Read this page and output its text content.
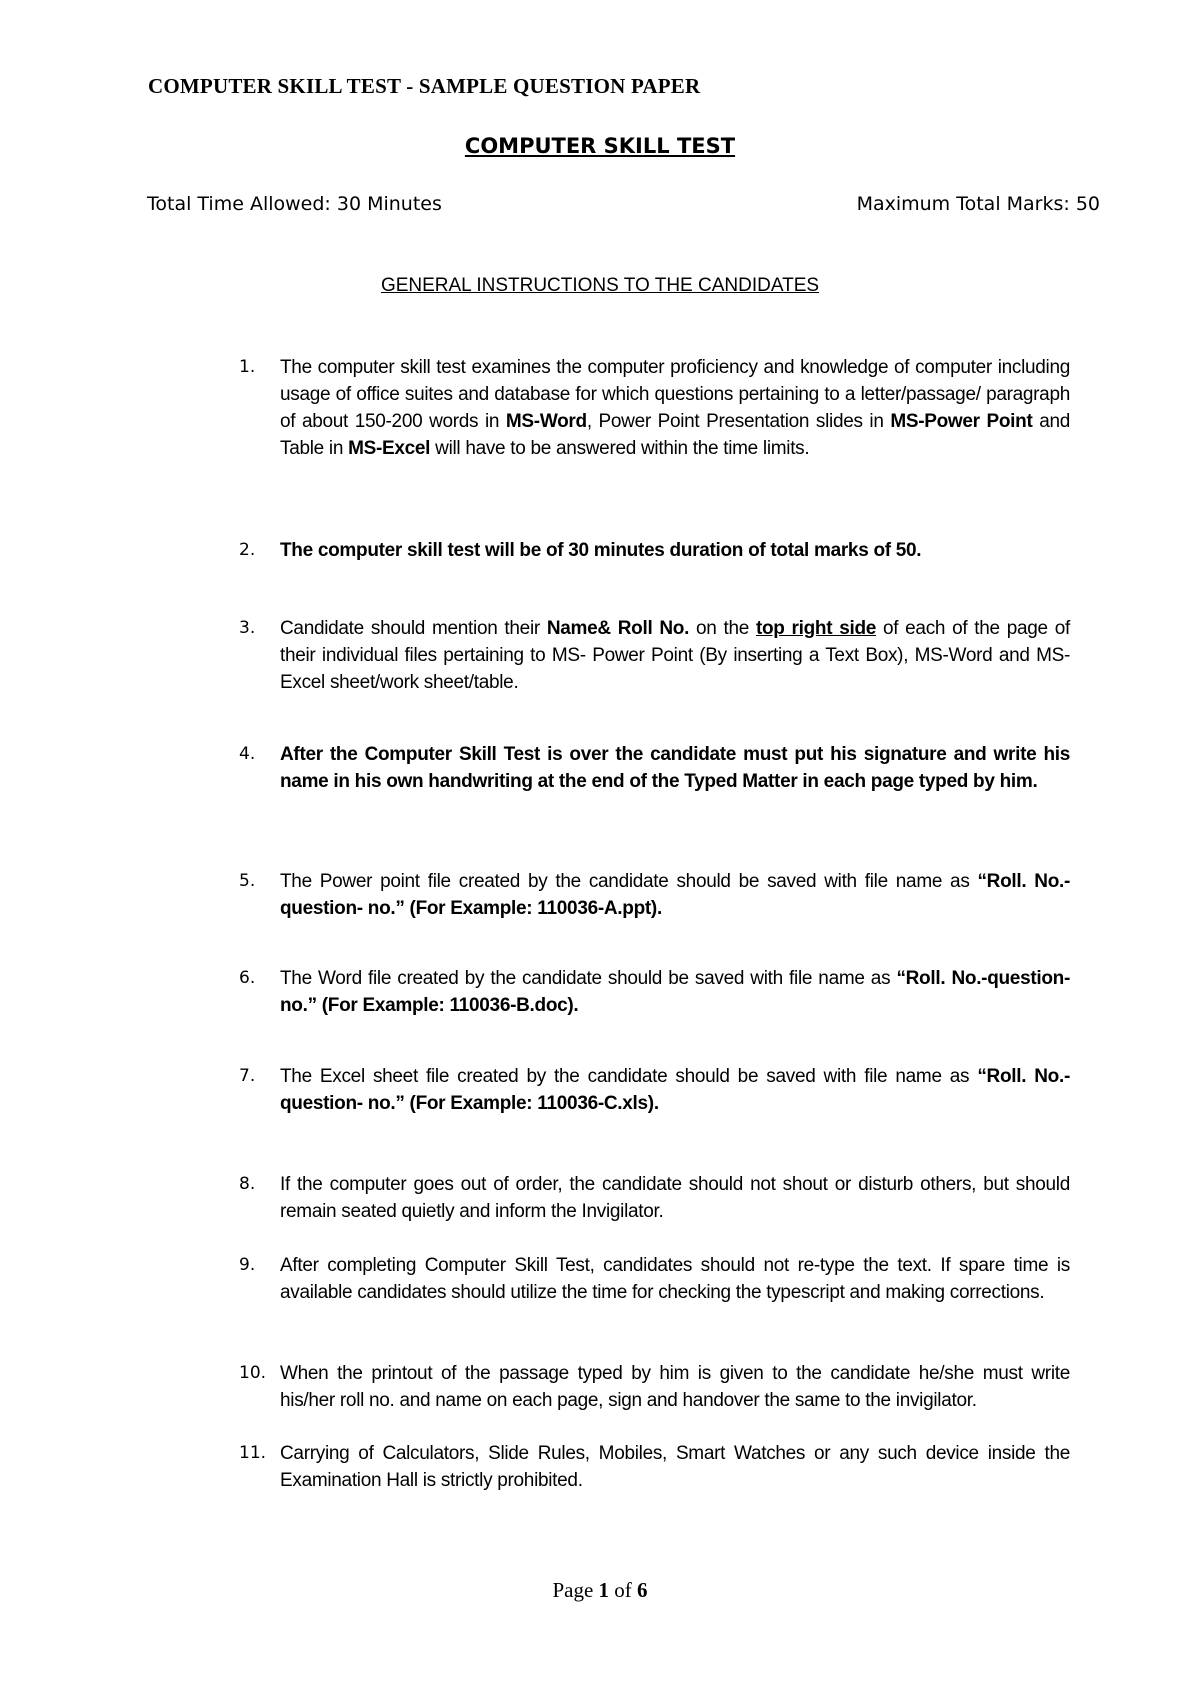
COMPUTER SKILL TEST - SAMPLE QUESTION PAPER
COMPUTER SKILL TEST
Total Time Allowed: 30 Minutes	Maximum Total Marks: 50
GENERAL INSTRUCTIONS TO THE CANDIDATES
1.	The computer skill test examines the computer proficiency and knowledge of computer including usage of office suites and database for which questions pertaining to a letter/passage/ paragraph of about 150-200 words in MS-Word, Power Point Presentation slides in MS-Power Point and Table in MS-Excel will have to be answered within the time limits.
2.	The computer skill test will be of 30 minutes duration of total marks of 50.
3.	Candidate should mention their Name& Roll No. on the top right side of each of the page of their individual files pertaining to MS- Power Point (By inserting a Text Box), MS-Word and MS- Excel sheet/work sheet/table.
4.	After the Computer Skill Test is over the candidate must put his signature and write his name in his own handwriting at the end of the Typed Matter in each page typed by him.
5.	The Power point file created by the candidate should be saved with file name as “Roll. No.-question- no.” (For Example: 110036-A.ppt).
6.	The Word file created by the candidate should be saved with file name as “Roll. No.-question- no.” (For Example: 110036-B.doc).
7.	The Excel sheet file created by the candidate should be saved with file name as “Roll. No.-question- no.” (For Example: 110036-C.xls).
8.	If the computer goes out of order, the candidate should not shout or disturb others, but should remain seated quietly and inform the Invigilator.
9.	After completing Computer Skill Test, candidates should not re-type the text. If spare time is available candidates should utilize the time for checking the typescript and making corrections.
10. When the printout of the passage typed by him is given to the candidate he/she must write his/her roll no. and name on each page, sign and handover the same to the invigilator.
11. Carrying of Calculators, Slide Rules, Mobiles, Smart Watches or any such device inside the Examination Hall is strictly prohibited.
Page 1 of 6
